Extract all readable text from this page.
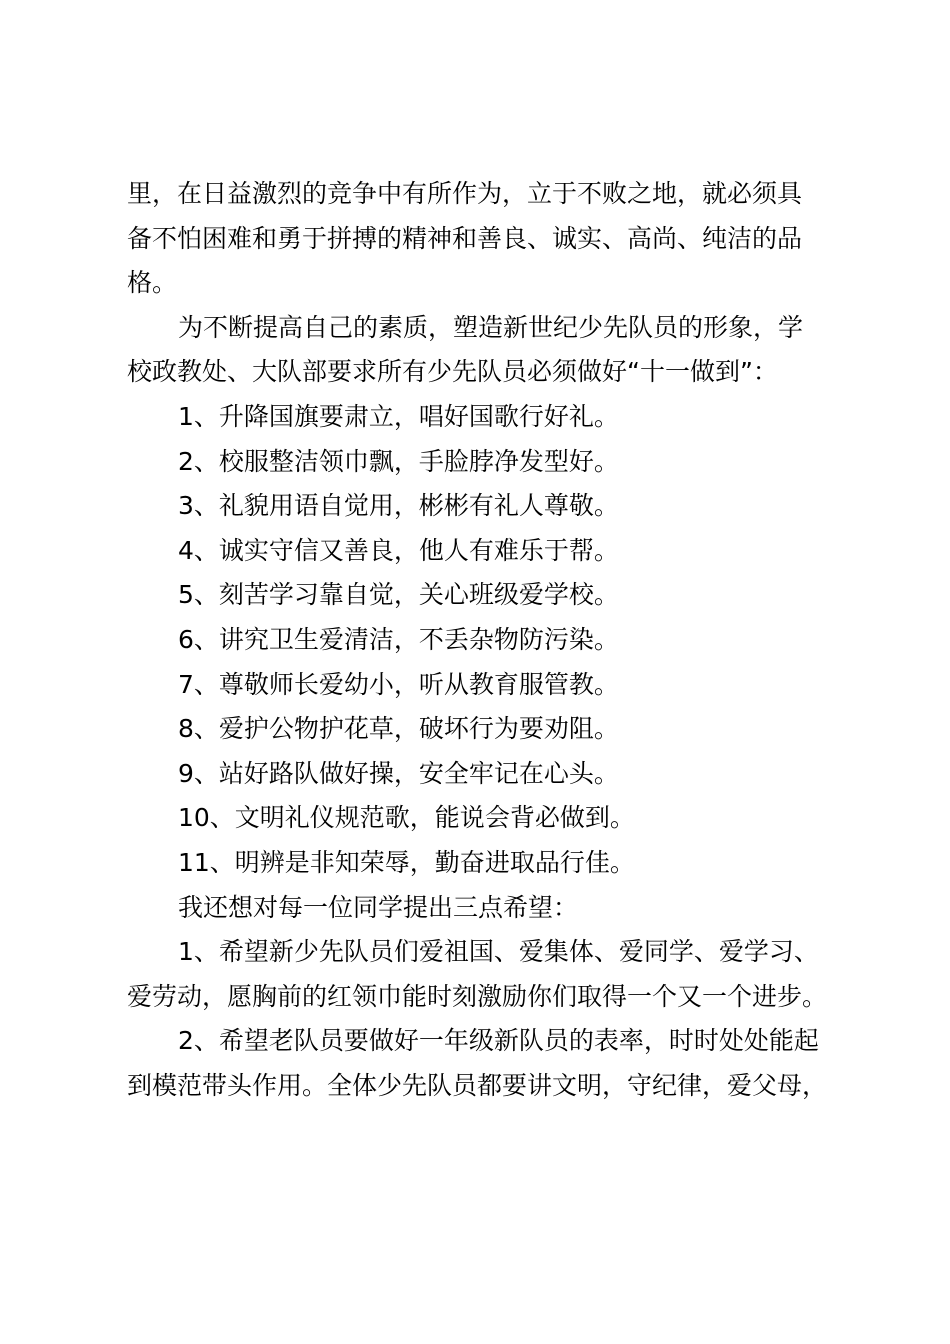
里，在日益激烈的竞争中有所作为，立于不败之地，就必须具
备不怕困难和勇于拼搏的精神和善良、诚实、高尚、纯洁的品
格。
为不断提高自己的素质，塑造新世纪少先队员的形象，学
校政教处、大队部要求所有少先队员必须做好“十一做到”：
1、升降国旗要肃立，唱好国歌行好礼。
2、校服整洁领巾飘，手脸脖净发型好。
3、礼貌用语自觉用，彬彬有礼人尊敬。
4、诚实守信又善良，他人有难乐于帮。
5、刻苦学习靠自觉，关心班级爱学校。
6、讲究卫生爱清洁，不丢杂物防污染。
7、尊敬师长爱幼小，听从教育服管教。
8、爱护公物护花草，破坏行为要劝阻。
9、站好路队做好操，安全牢记在心头。
10、文明礼仪规范歌，能说会背必做到。
11、明辨是非知荣辱，勤奋进取品行佳。
我还想对每一位同学提出三点希望：
1、希望新少先队员们爱祖国、爱集体、爱同学、爱学习、
爱劳动，愿胸前的红领巾能时刻激励你们取得一个又一个进步。
2、希望老队员要做好一年级新队员的表率，时时处处能起
到模范带头作用。全体少先队员都要讲文明，守纪律，爱父母，
